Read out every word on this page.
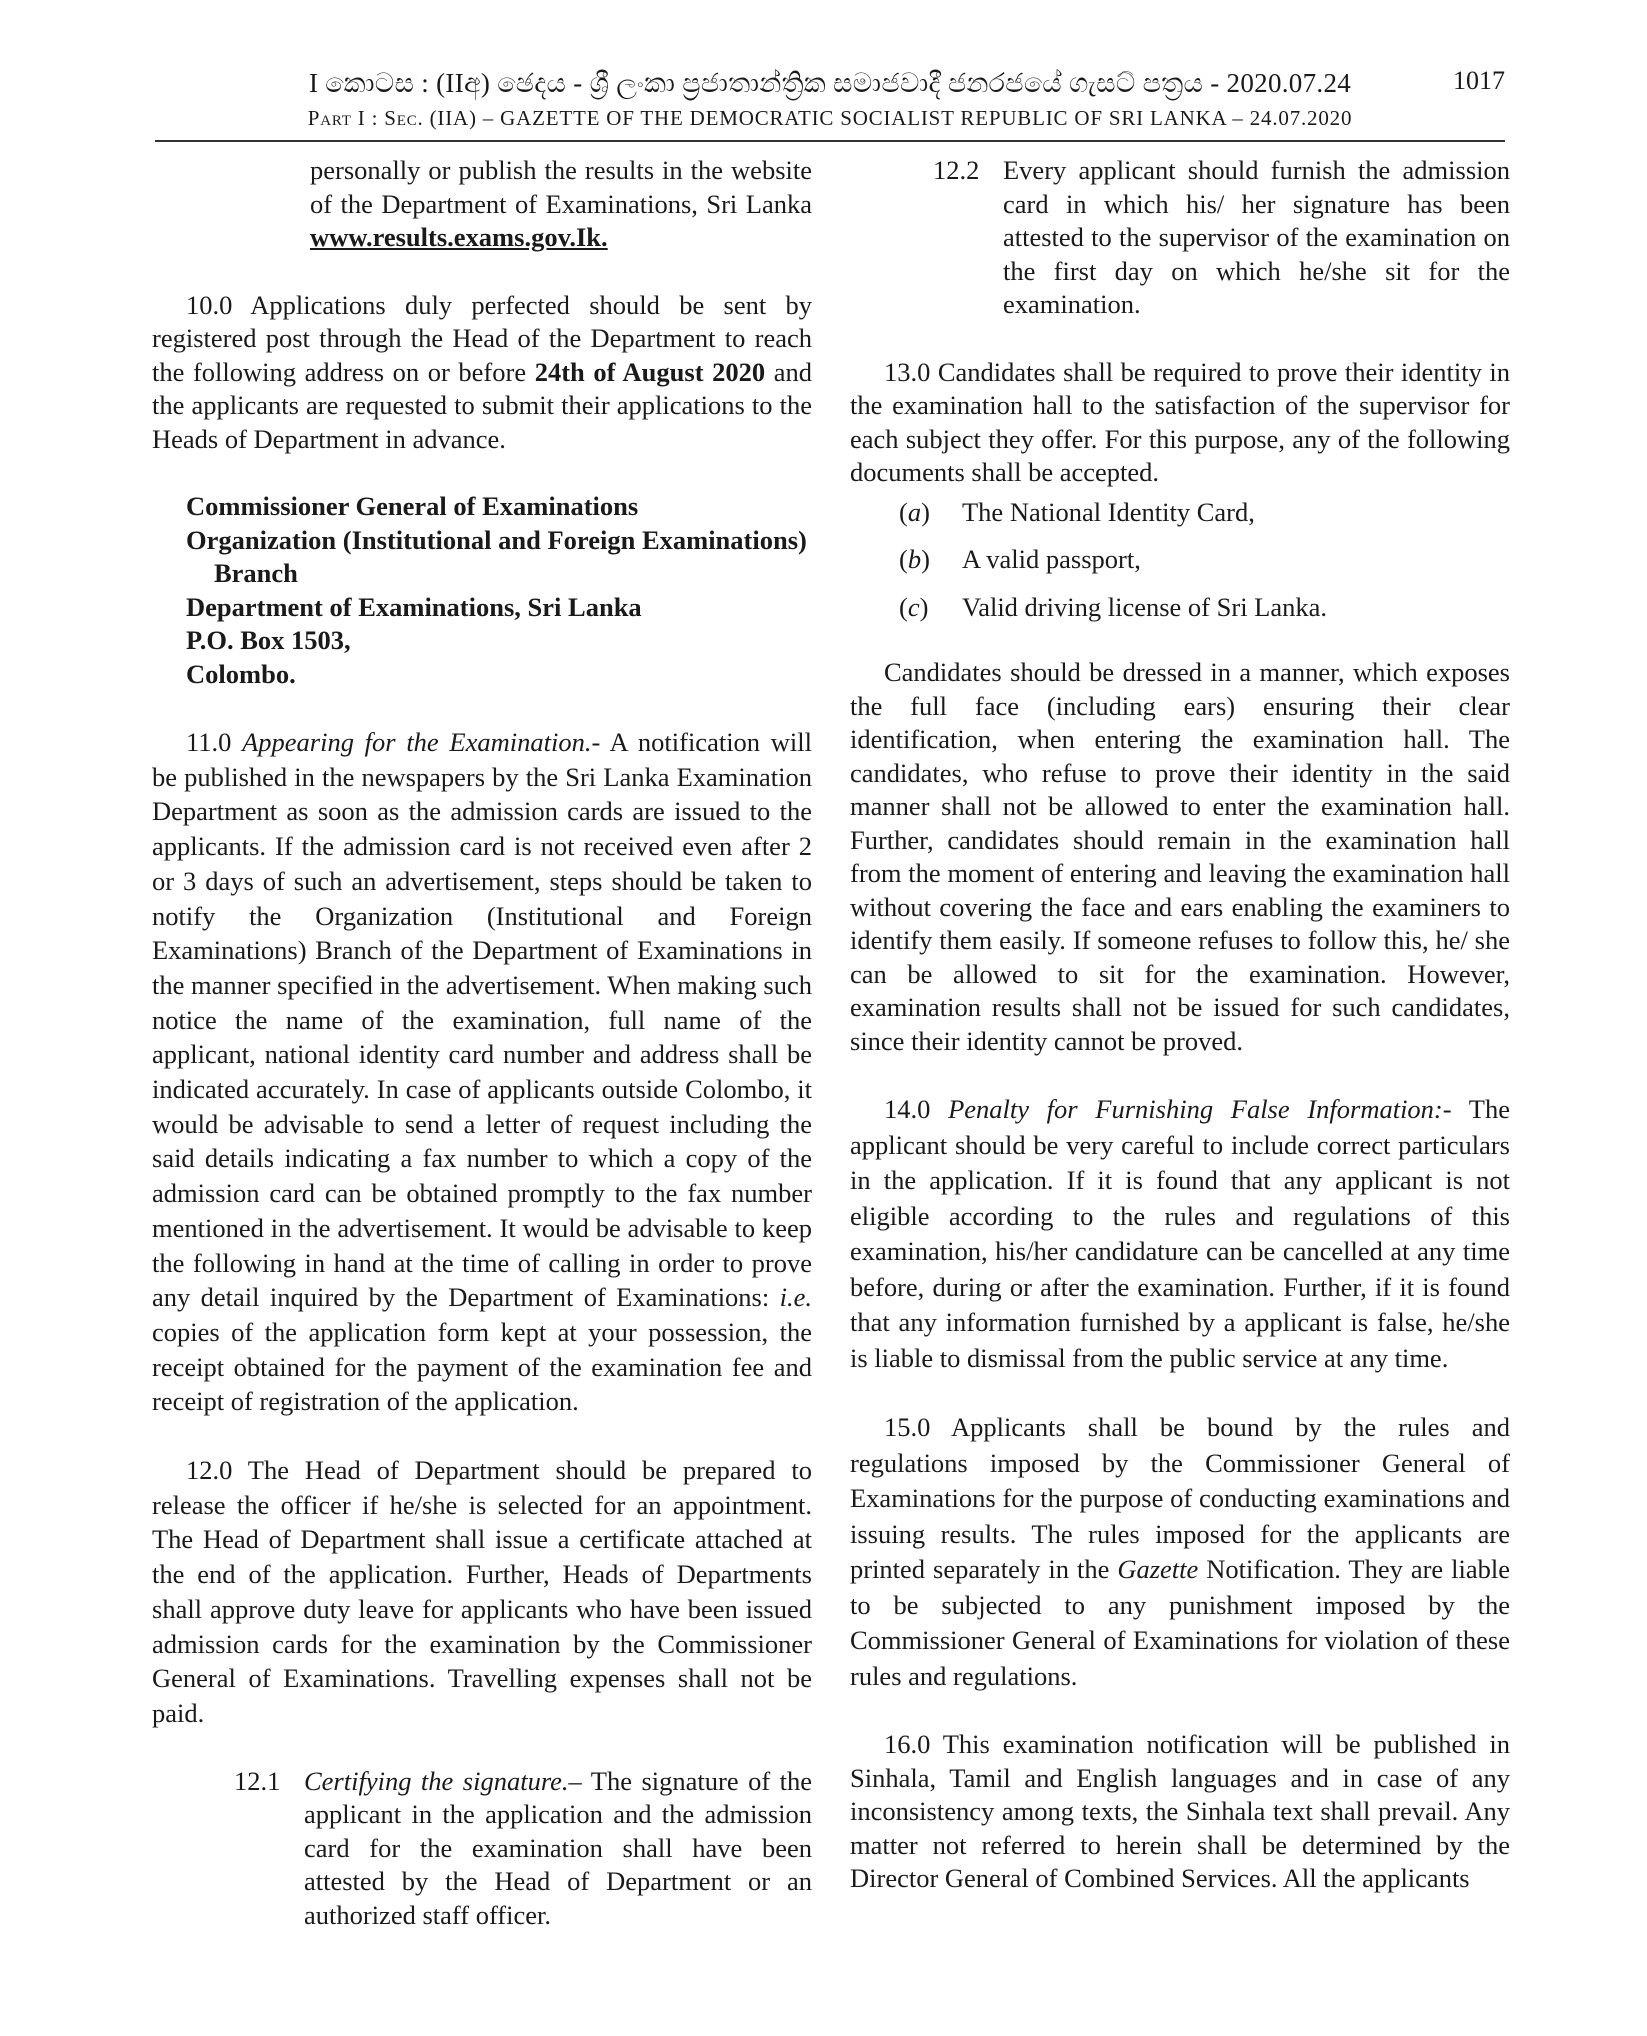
I කොටස : (IIඅ) ඡෙදය - ශ්‍රී ලංකා ප්‍රජාතාන්ත්‍රික සමාජවාදී ජනරජයේ ගැසට් පත්‍රය - 2020.07.24	1017
Part I : Sec. (IIA) – GAZETTE OF THE DEMOCRATIC SOCIALIST REPUBLIC OF SRI LANKA – 24.07.2020

personally or publish the results in the website of the Department of Examinations, Sri Lanka www.results.exams.gov.Ik.

10.0 Applications duly perfected should be sent by registered post through the Head of the Department to reach the following address on or before 24th of August 2020 and the applicants are requested to submit their applications to the Heads of Department in advance.

Commissioner General of Examinations
Organization (Institutional and Foreign Examinations)
Branch
Department of Examinations, Sri Lanka
P.O. Box 1503,
Colombo.

11.0 Appearing for the Examination.- A notification will be published in the newspapers by the Sri Lanka Examination Department as soon as the admission cards are issued to the applicants. If the admission card is not received even after 2 or 3 days of such an advertisement, steps should be taken to notify the Organization (Institutional and Foreign Examinations) Branch of the Department of Examinations in the manner specified in the advertisement. When making such notice the name of the examination, full name of the applicant, national identity card number and address shall be indicated accurately. In case of applicants outside Colombo, it would be advisable to send a letter of request including the said details indicating a fax number to which a copy of the admission card can be obtained promptly to the fax number mentioned in the advertisement. It would be advisable to keep the following in hand at the time of calling in order to prove any detail inquired by the Department of Examinations: i.e. copies of the application form kept at your possession, the receipt obtained for the payment of the examination fee and receipt of registration of the application.

12.0 The Head of Department should be prepared to release the officer if he/she is selected for an appointment. The Head of Department shall issue a certificate attached at the end of the application. Further, Heads of Departments shall approve duty leave for applicants who have been issued admission cards for the examination by the Commissioner General of Examinations. Travelling expenses shall not be paid.

12.1 Certifying the signature.– The signature of the applicant in the application and the admission card for the examination shall have been attested by the Head of Department or an authorized staff officer.
12.2 Every applicant should furnish the admission card in which his/ her signature has been attested to the supervisor of the examination on the first day on which he/she sit for the examination.

13.0 Candidates shall be required to prove their identity in the examination hall to the satisfaction of the supervisor for each subject they offer. For this purpose, any of the following documents shall be accepted.

(a)	The National Identity Card,
(b)	A valid passport,
(c)	Valid driving license of Sri Lanka.

Candidates should be dressed in a manner, which exposes the full face (including ears) ensuring their clear identification, when entering the examination hall. The candidates, who refuse to prove their identity in the said manner shall not be allowed to enter the examination hall. Further, candidates should remain in the examination hall from the moment of entering and leaving the examination hall without covering the face and ears enabling the examiners to identify them easily. If someone refuses to follow this, he/ she can be allowed to sit for the examination. However, examination results shall not be issued for such candidates, since their identity cannot be proved.

14.0 Penalty for Furnishing False Information:- The applicant should be very careful to include correct particulars in the application. If it is found that any applicant is not eligible according to the rules and regulations of this examination, his/her candidature can be cancelled at any time before, during or after the examination. Further, if it is found that any information furnished by a applicant is false, he/she is liable to dismissal from the public service at any time.

15.0 Applicants shall be bound by the rules and regulations imposed by the Commissioner General of Examinations for the purpose of conducting examinations and issuing results. The rules imposed for the applicants are printed separately in the Gazette Notification. They are liable to be subjected to any punishment imposed by the Commissioner General of Examinations for violation of these rules and regulations.

16.0 This examination notification will be published in Sinhala, Tamil and English languages and in case of any inconsistency among texts, the Sinhala text shall prevail. Any matter not referred to herein shall be determined by the Director General of Combined Services. All the applicants
